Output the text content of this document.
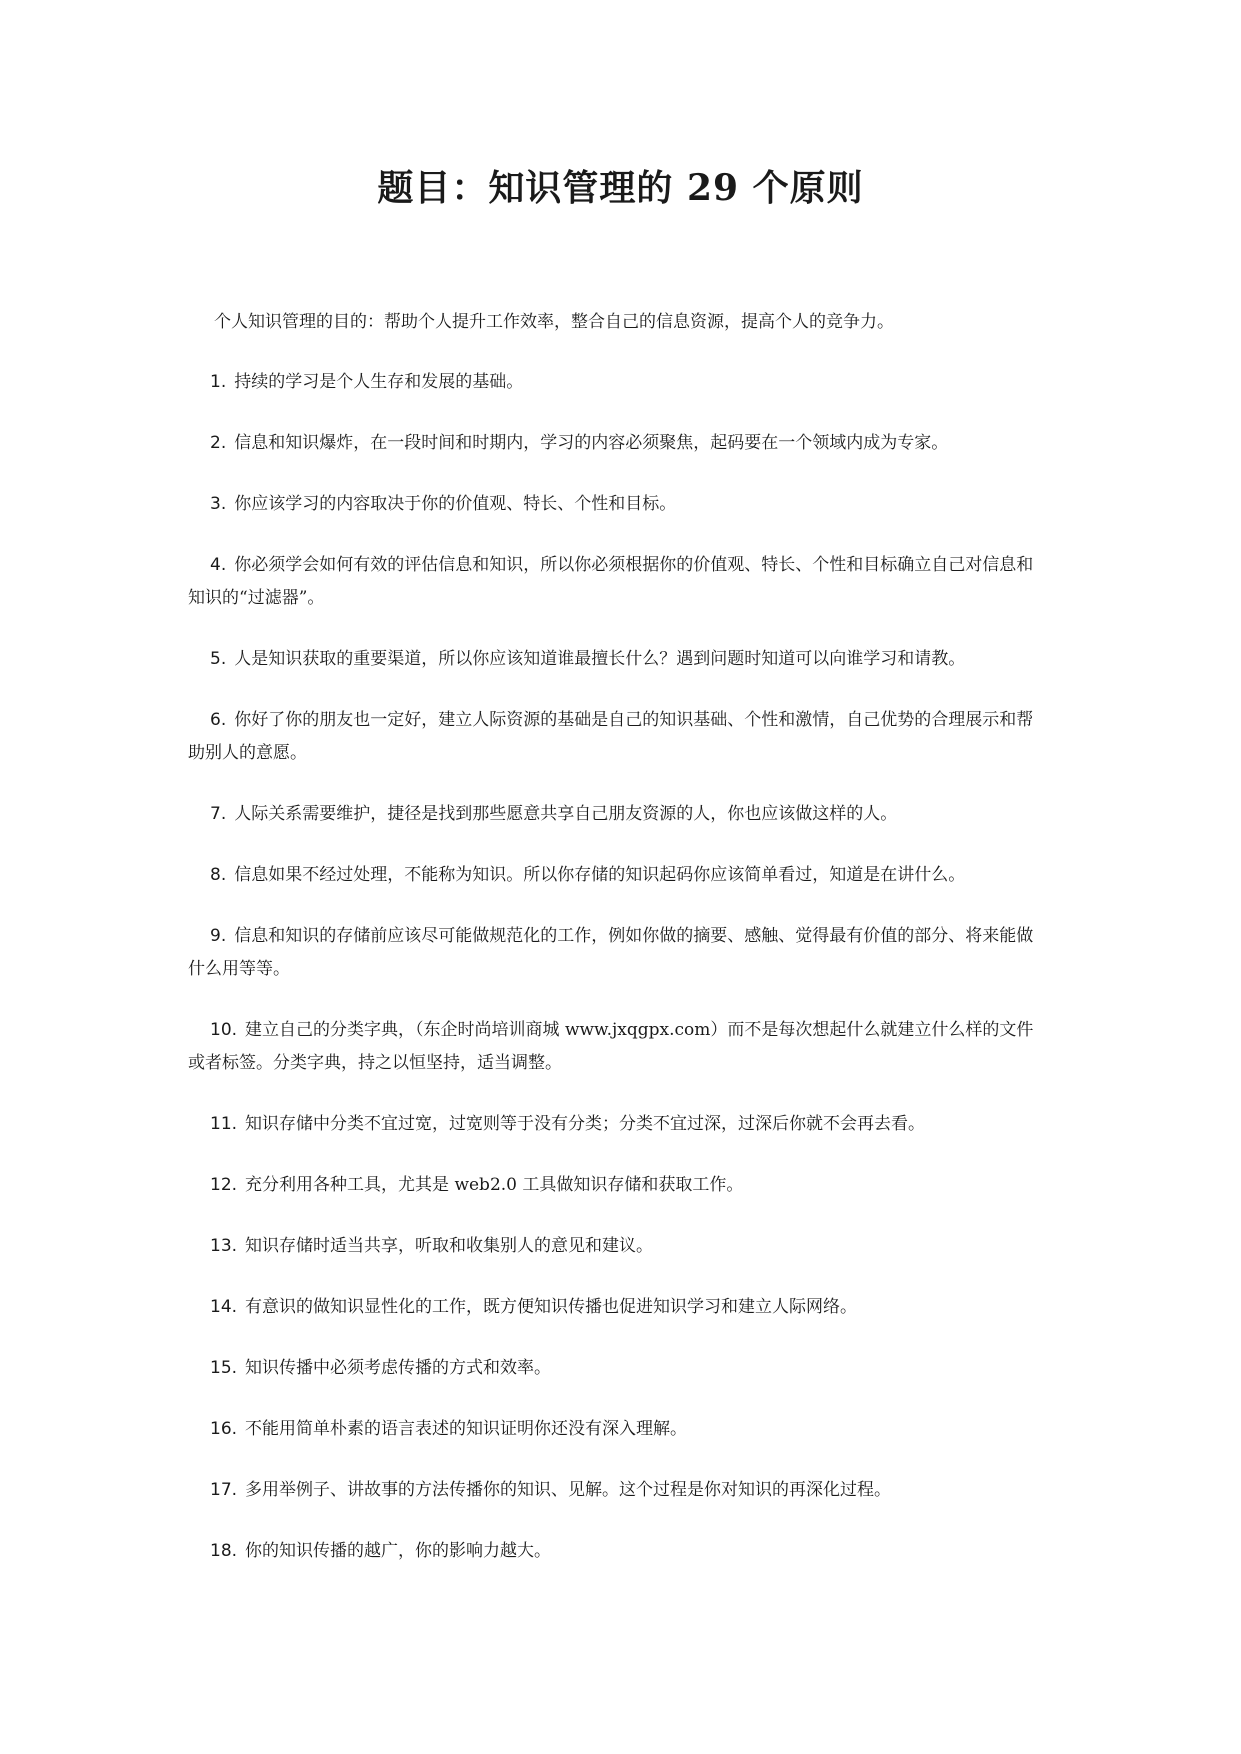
题目：知识管理的 29 个原则

个人知识管理的目的：帮助个人提升工作效率，整合自己的信息资源，提高个人的竞争力。

1. 持续的学习是个人生存和发展的基础。

2. 信息和知识爆炸，在一段时间和时期内，学习的内容必须聚焦，起码要在一个领域内成为专家。

3. 你应该学习的内容取决于你的价值观、特长、个性和目标。

4. 你必须学会如何有效的评估信息和知识，所以你必须根据你的价值观、特长、个性和目标确立自己对信息和知识的“过滤器”。

5. 人是知识获取的重要渠道，所以你应该知道谁最擅长什么？遇到问题时知道可以向谁学习和请教。

6. 你好了你的朋友也一定好，建立人际资源的基础是自己的知识基础、个性和激情，自己优势的合理展示和帮助别人的意愿。

7. 人际关系需要维护，捷径是找到那些愿意共享自己朋友资源的人，你也应该做这样的人。

8. 信息如果不经过处理，不能称为知识。所以你存储的知识起码你应该简单看过，知道是在讲什么。

9. 信息和知识的存储前应该尽可能做规范化的工作，例如你做的摘要、感触、觉得最有价值的部分、将来能做什么用等等。

10. 建立自己的分类字典，（东企时尚培训商城 www.jxqgpx.com）而不是每次想起什么就建立什么样的文件或者标签。分类字典，持之以恒坚持，适当调整。

11. 知识存储中分类不宜过宽，过宽则等于没有分类；分类不宜过深，过深后你就不会再去看。

12. 充分利用各种工具，尤其是 web2.0 工具做知识存储和获取工作。

13. 知识存储时适当共享，听取和收集别人的意见和建议。

14. 有意识的做知识显性化的工作，既方便知识传播也促进知识学习和建立人际网络。

15. 知识传播中必须考虑传播的方式和效率。

16. 不能用简单朴素的语言表述的知识证明你还没有深入理解。

17. 多用举例子、讲故事的方法传播你的知识、见解。这个过程是你对知识的再深化过程。

18. 你的知识传播的越广，你的影响力越大。
